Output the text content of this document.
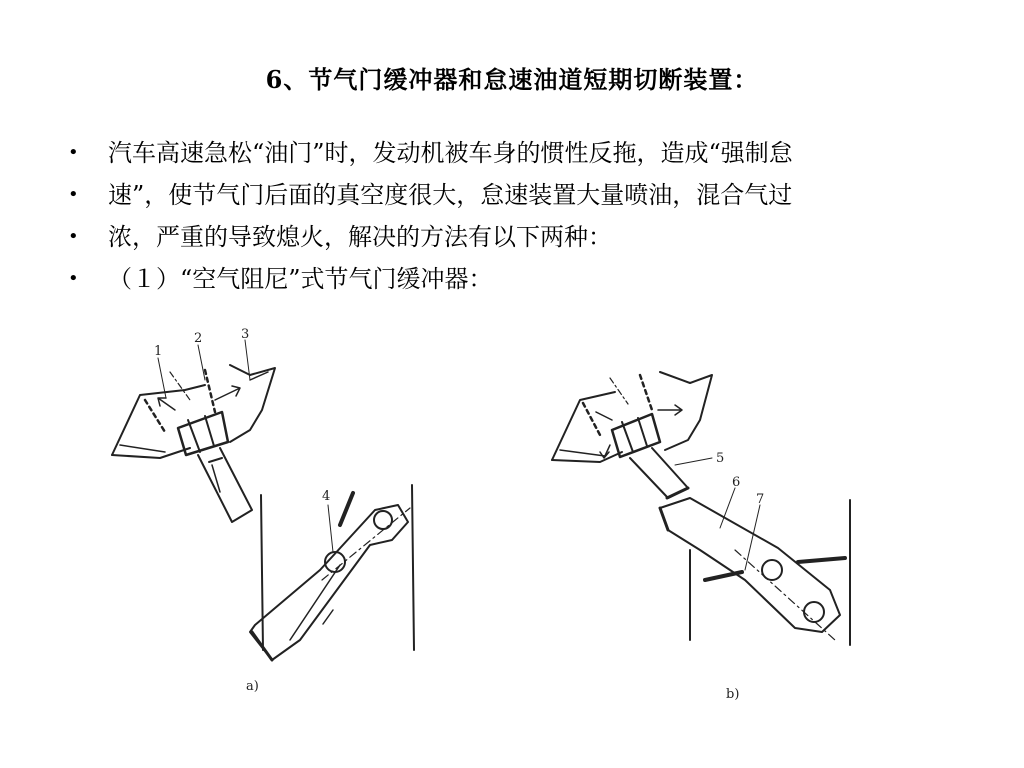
6、节气门缓冲器和怠速油道短期切断装置：
• 汽车高速急松“油门”时，发动机被车身的惯性反拖，造成“强制怠
• 速”，使节气门后面的真空度很大，怠速装置大量喷油，混合气过
• 浓，严重的导致熄火，解决的方法有以下两种：
• （１）“空气阻尼”式节气门缓冲器：
1
2	3
4
5
6
7
a)
b)
